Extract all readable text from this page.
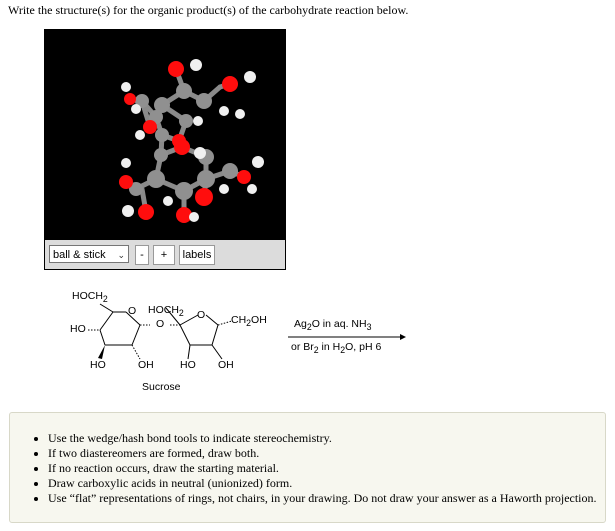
Write the structure(s) for the organic product(s) of the carbohydrate reaction below.
ball & stick ⌄	-	+	labels
$HOCH_2$
O
HO
HO	OH
O
$HOCH_2$ O $CH_2OH$
HO OH
Sucrose
$Ag_2O$ in aq. $NH_3$
or $Br_2$ in $H_2O$, pH 6
• Use the wedge/hash bond tools to indicate stereochemistry.
• If two diastereomers are formed, draw both.
• If no reaction occurs, draw the starting material.
• Draw carboxylic acids in neutral (unionized) form.
• Use “flat” representations of rings, not chairs, in your drawing. Do not draw your answer as a Haworth projection.
